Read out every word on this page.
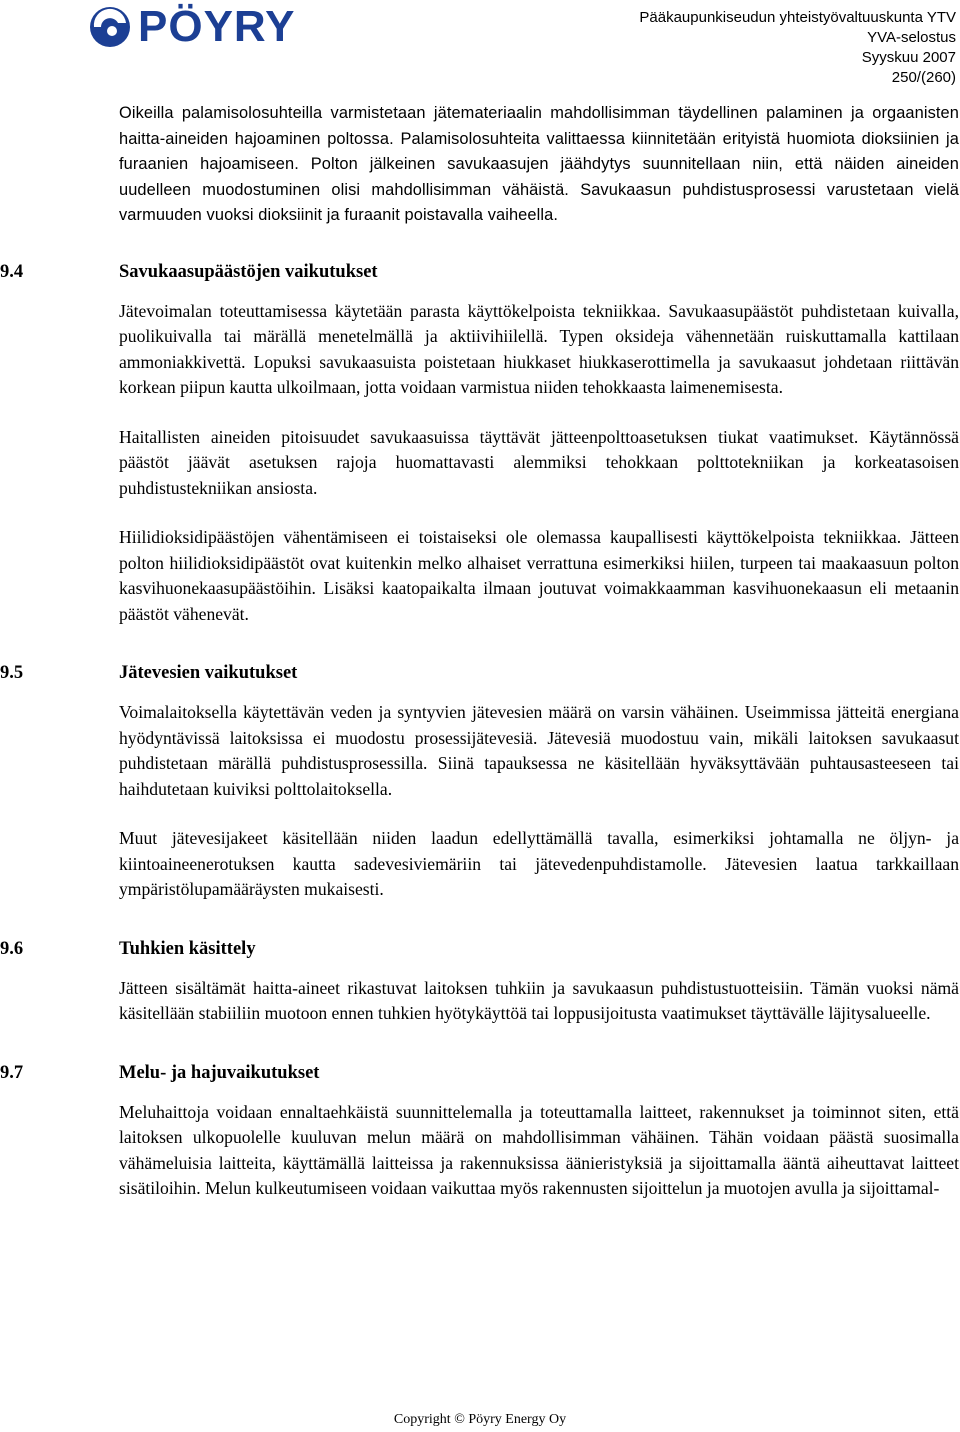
PÖYRY	Pääkaupunkiseudun yhteistyövaltuuskunta YTV
YVA-selostus
Syyskuu 2007
250/(260)

Oikeilla palamisolosuhteilla varmistetaan jätemateriaalin mahdollisimman täydellinen palaminen ja orgaanisten haitta-aineiden hajoaminen poltossa. Palamisolosuhteita valittaessa kiinnitetään erityistä huomiota dioksiinien ja furaanien hajoamiseen. Polton jälkeinen savukaasujen jäähdytys suunnitellaan niin, että näiden aineiden uudelleen muodostuminen olisi mahdollisimman vähäistä. Savukaasun puhdistusprosessi varustetaan vielä varmuuden vuoksi dioksiinit ja furaanit poistavalla vaiheella.

9.4	Savukaasupäästöjen vaikutukset

Jätevoimalan toteuttamisessa käytetään parasta käyttökelpoista tekniikkaa. Savukaasupäästöt puhdistetaan kuivalla, puolikuivalla tai märällä menetelmällä ja aktiivihiilellä. Typen oksideja vähennetään ruiskuttamalla kattilaan ammoniakkivettä. Lopuksi savukaasuista poistetaan hiukkaset hiukkaserottimella ja savukaasut johdetaan riittävän korkean piipun kautta ulkoilmaan, jotta voidaan varmistua niiden tehokkaasta laimenemisesta.

Haitallisten aineiden pitoisuudet savukaasuissa täyttävät jätteenpolttoasetuksen tiukat vaatimukset. Käytännössä päästöt jäävät asetuksen rajoja huomattavasti alemmiksi tehokkaan polttotekniikan ja korkeatasoisen puhdistustekniikan ansiosta.

Hiilidioksidipäästöjen vähentämiseen ei toistaiseksi ole olemassa kaupallisesti käyttökelpoista tekniikkaa. Jätteen polton hiilidioksidipäästöt ovat kuitenkin melko alhaiset verrattuna esimerkiksi hiilen, turpeen tai maakaasuun polton kasvihuonekaasupäästöihin. Lisäksi kaatopaikalta ilmaan joutuvat voimakkaamman kasvihuonekaasun eli metaanin päästöt vähenevät.

9.5	Jätevesien vaikutukset

Voimalaitoksella käytettävän veden ja syntyvien jätevesien määrä on varsin vähäinen. Useimmissa jätteitä energiana hyödyntävissä laitoksissa ei muodostu prosessijätevesiä. Jätevesiä muodostuu vain, mikäli laitoksen savukaasut puhdistetaan märällä puhdistusprosessilla. Siinä tapauksessa ne käsitellään hyväksyttävään puhtausasteeseen tai haihdutetaan kuiviksi polttolaitoksella.

Muut jätevesijakeet käsitellään niiden laadun edellyttämällä tavalla, esimerkiksi johtamalla ne öljyn- ja kiintoaineenerotuksen kautta sadevesiviemäriin tai jätevedenpuhdistamolle. Jätevesien laatua tarkkaillaan ympäristölupamääräysten mukaisesti.

9.6	Tuhkien käsittely

Jätteen sisältämät haitta-aineet rikastuvat laitoksen tuhkiin ja savukaasun puhdistustuotteisiin. Tämän vuoksi nämä käsitellään stabiiliin muotoon ennen tuhkien hyötykäyttöä tai loppusijoitusta vaatimukset täyttävälle läjitysalueelle.

9.7	Melu- ja hajuvaikutukset

Meluhaittoja voidaan ennaltaehkäistä suunnittelemalla ja toteuttamalla laitteet, rakennukset ja toiminnot siten, että laitoksen ulkopuolelle kuuluvan melun määrä on mahdollisimman vähäinen. Tähän voidaan päästä suosimalla vähämeluisia laitteita, käyttämällä laitteissa ja rakennuksissa äänieristyksiä ja sijoittamalla ääntä aiheuttavat laitteet sisätiloihin. Melun kulkeutumiseen voidaan vaikuttaa myös rakennusten sijoittelun ja muotojen avulla ja sijoittamal-

Copyright © Pöyry Energy Oy
